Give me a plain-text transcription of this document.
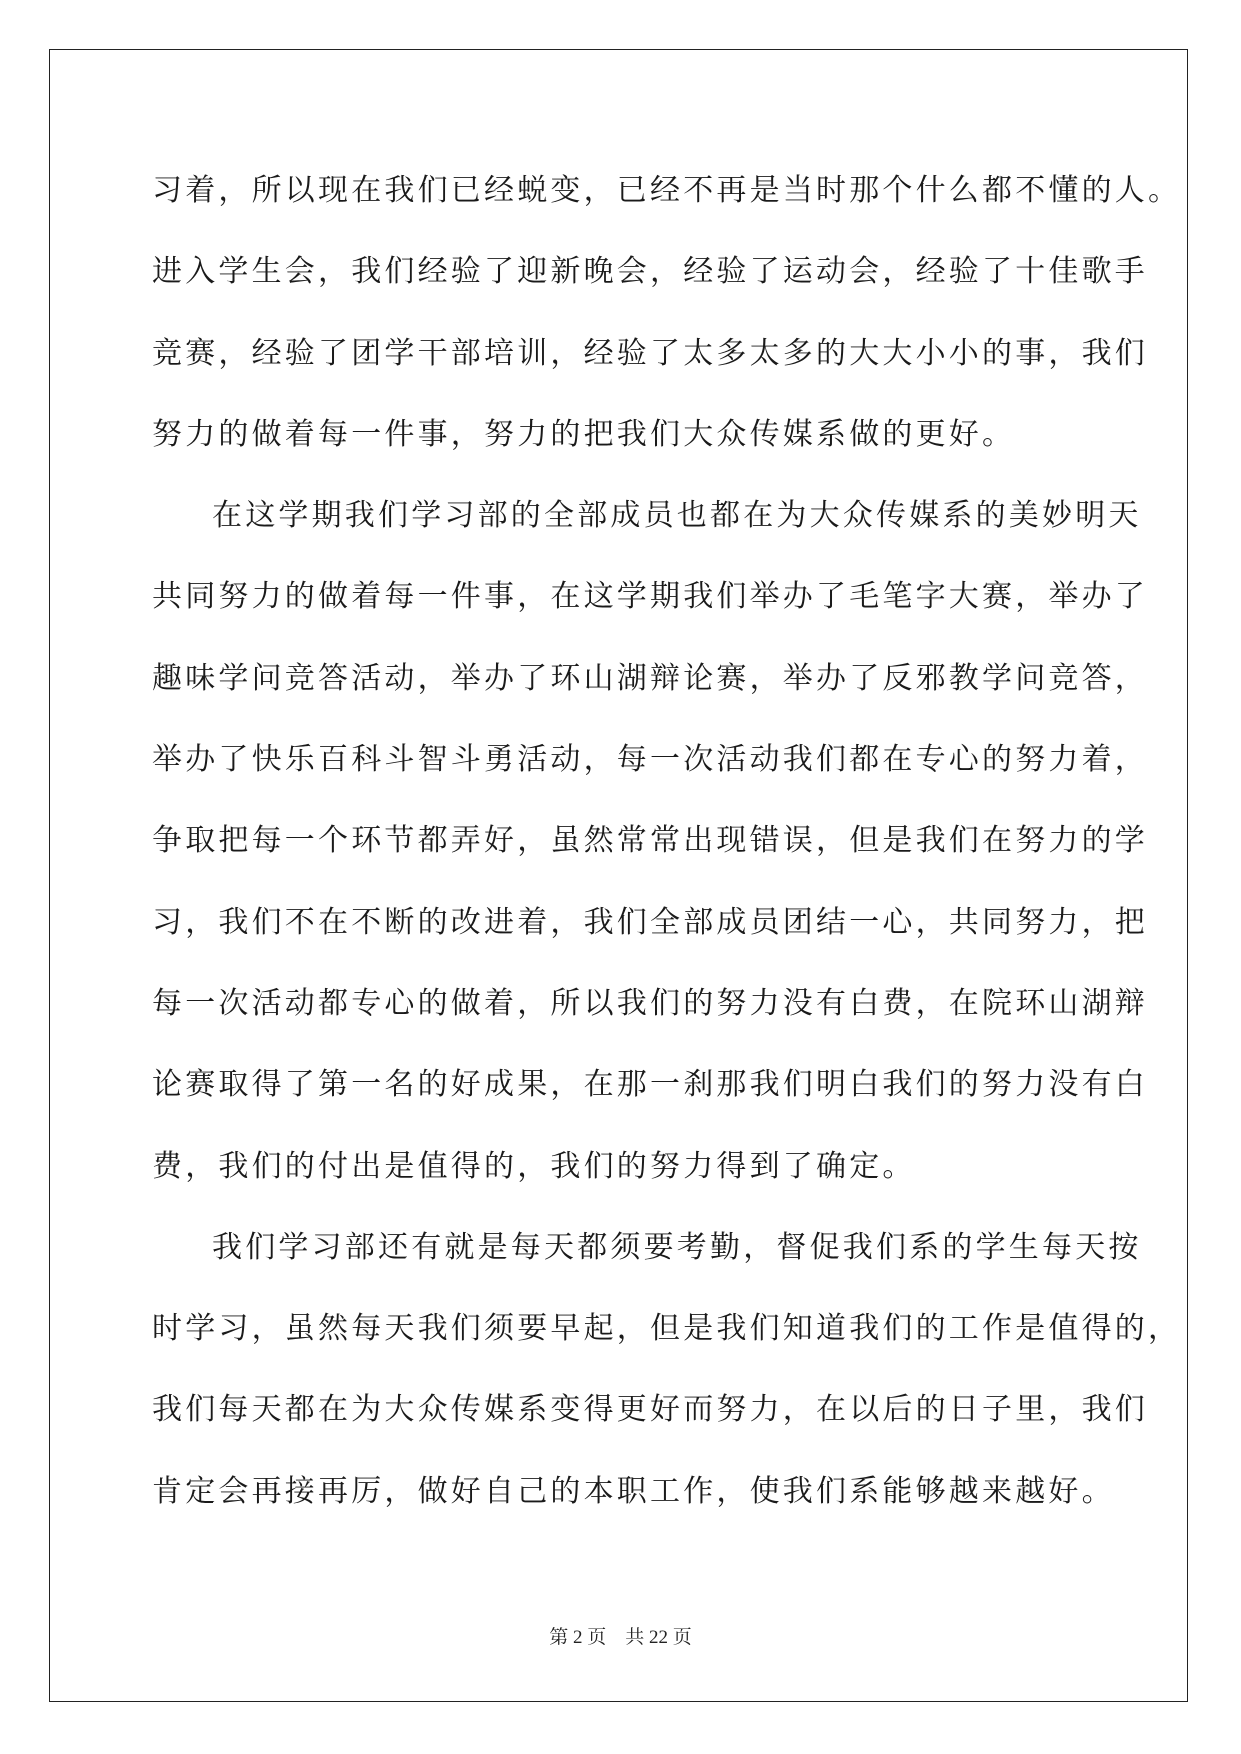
习着，所以现在我们已经蜕变，已经不再是当时那个什么都不懂的人。
进入学生会，我们经验了迎新晚会，经验了运动会，经验了十佳歌手
竞赛，经验了团学干部培训，经验了太多太多的大大小小的事，我们
努力的做着每一件事，努力的把我们大众传媒系做的更好。
在这学期我们学习部的全部成员也都在为大众传媒系的美妙明天
共同努力的做着每一件事，在这学期我们举办了毛笔字大赛，举办了
趣味学问竞答活动，举办了环山湖辩论赛，举办了反邪教学问竞答，
举办了快乐百科斗智斗勇活动，每一次活动我们都在专心的努力着，
争取把每一个环节都弄好，虽然常常出现错误，但是我们在努力的学
习，我们不在不断的改进着，我们全部成员团结一心，共同努力，把
每一次活动都专心的做着，所以我们的努力没有白费，在院环山湖辩
论赛取得了第一名的好成果，在那一刹那我们明白我们的努力没有白
费，我们的付出是值得的，我们的努力得到了确定。
我们学习部还有就是每天都须要考勤，督促我们系的学生每天按
时学习，虽然每天我们须要早起，但是我们知道我们的工作是值得的，
我们每天都在为大众传媒系变得更好而努力，在以后的日子里，我们
肯定会再接再厉，做好自己的本职工作，使我们系能够越来越好。
第 2 页 共 22 页
